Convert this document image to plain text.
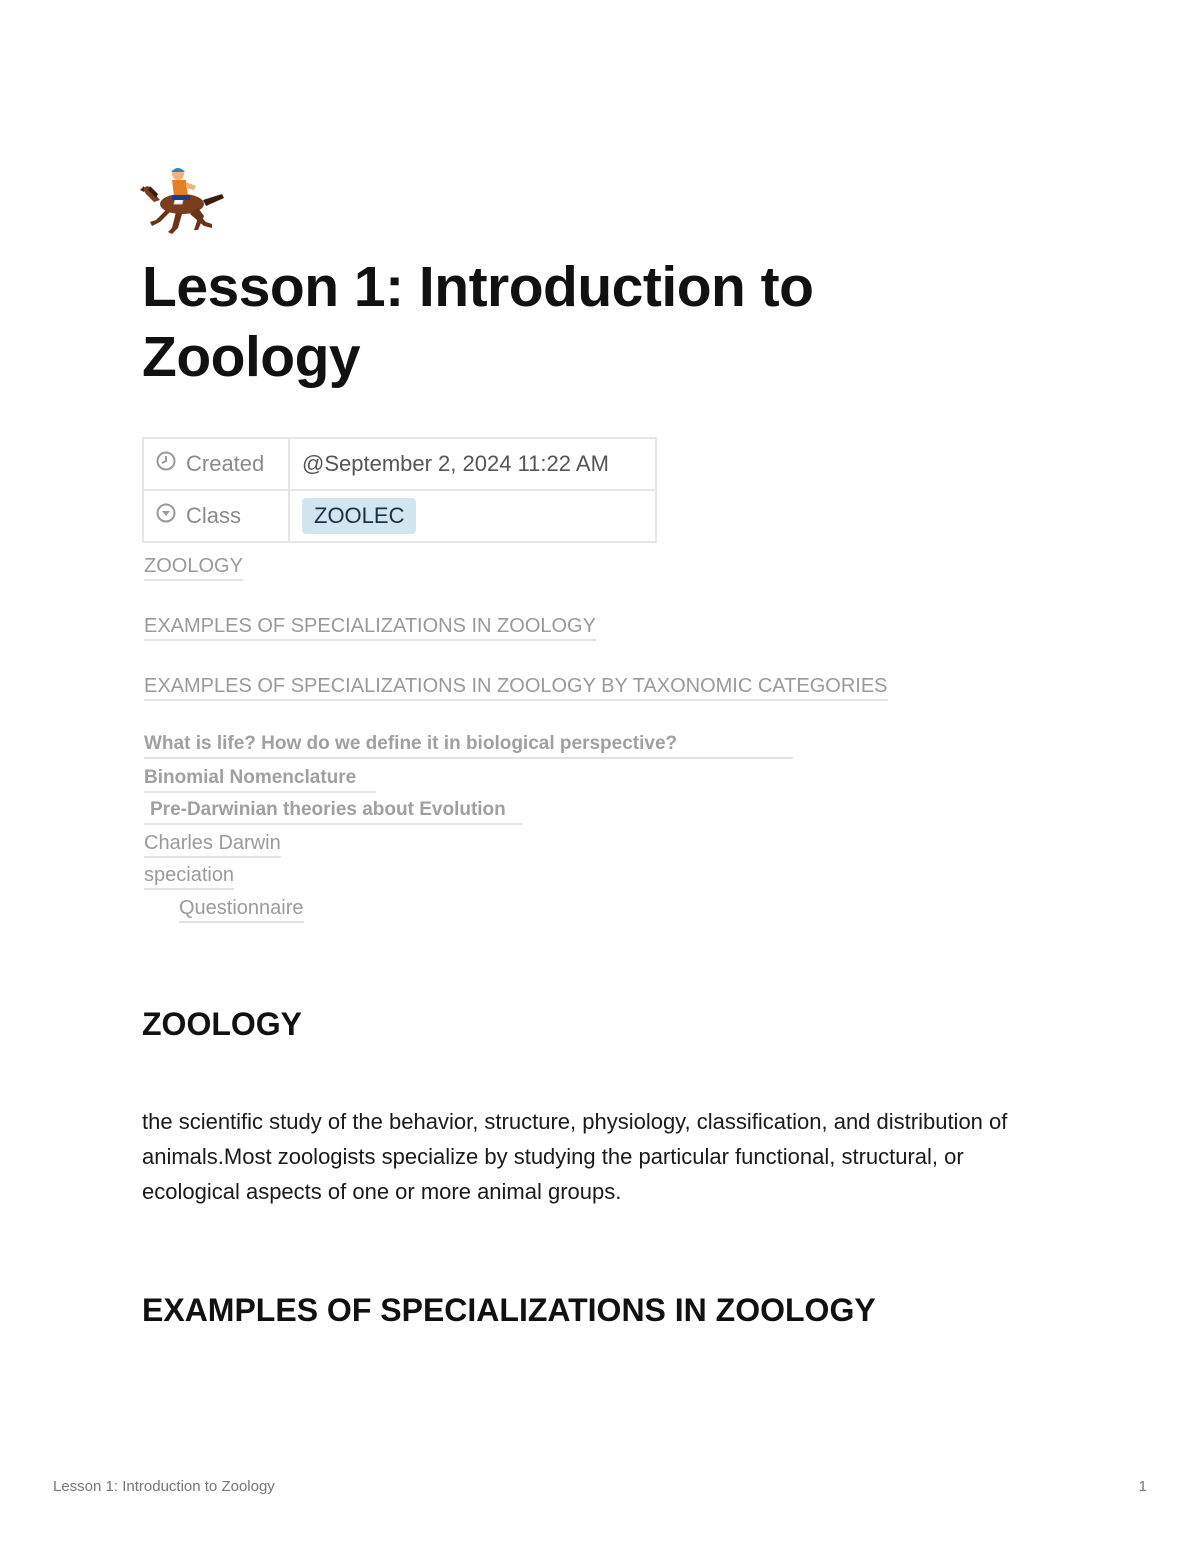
Lesson 1: Introduction to Zoology
Created	@September 2, 2024 11:22 AM

Class	ZOOLEC
ZOOLOGY
EXAMPLES OF SPECIALIZATIONS IN ZOOLOGY
EXAMPLES OF SPECIALIZATIONS IN ZOOLOGY BY TAXONOMIC CATEGORIES
What is life? How do we define it in biological perspective?
Binomial Nomenclature
Pre-Darwinian theories about Evolution
Charles Darwin
speciation
Questionnaire
ZOOLOGY

the scientific study of the behavior, structure, physiology, classification, and distribution of animals.Most zoologists specialize by studying the particular functional, structural, or ecological aspects of one or more animal groups.

EXAMPLES OF SPECIALIZATIONS IN ZOOLOGY
Lesson 1: Introduction to Zoology	1
